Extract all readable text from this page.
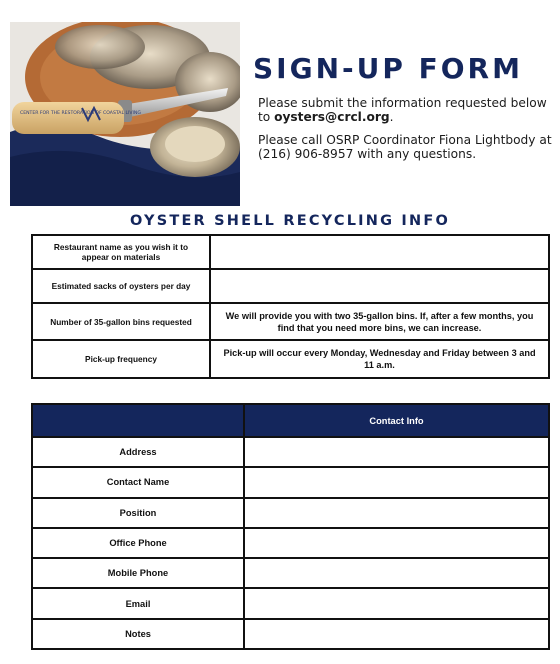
CENTER FOR THE RESTORATION OF COASTAL LIVING
SIGN-UP FORM

Please submit the information requested below to oysters@crcl.org.

Please call OSRP Coordinator Fiona Lightbody at (216) 906-8957 with any questions.

OYSTER SHELL RECYCLING INFO
Restaurant name as you wish it to appear on materials	
Estimated sacks of oysters per day	
Number of 35-gallon bins requested	We will provide you with two 35-gallon bins. If, after a few months, you find that you need more bins, we can increase.
Pick-up frequency	Pick-up will occur every Monday, Wednesday and Friday between 3 and 11 a.m.
	Contact Info
Address	
Contact Name	
Position	
Office Phone	
Mobile Phone	
Email	
Notes	
